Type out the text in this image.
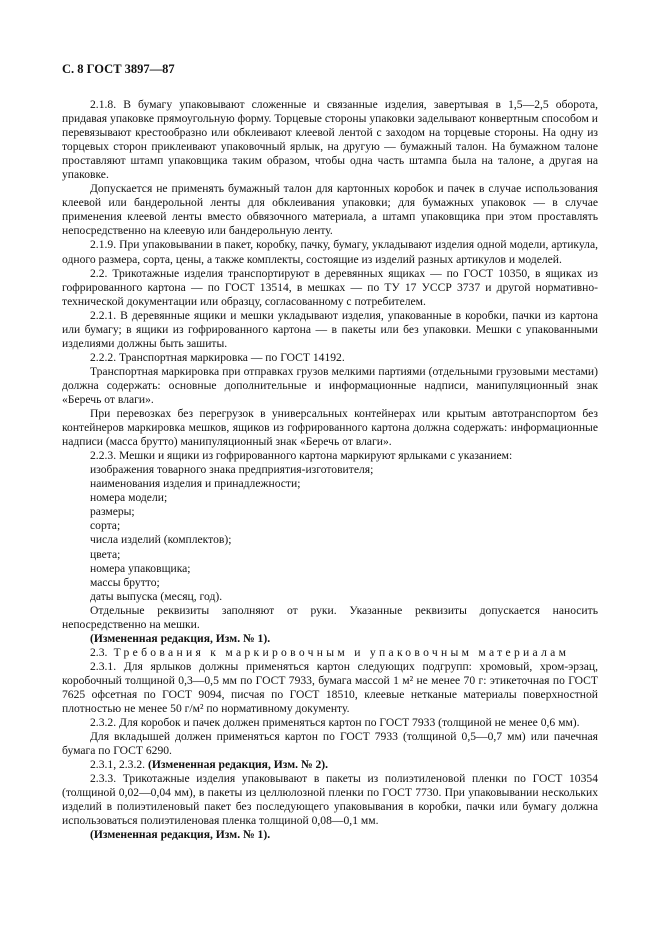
С. 8 ГОСТ 3897—87

2.1.8. В бумагу упаковывают сложенные и связанные изделия, завертывая в 1,5—2,5 оборота, придавая упаковке прямоугольную форму. Торцевые стороны упаковки заделывают конвертным способом и перевязывают крестообразно или обклеивают клеевой лентой с заходом на торцевые стороны. На одну из торцевых сторон приклеивают упаковочный ярлык, на другую — бумажный талон. На бумажном талоне проставляют штамп упаковщика таким образом, чтобы одна часть штампа была на талоне, а другая на упаковке.

Допускается не применять бумажный талон для картонных коробок и пачек в случае использования клеевой или бандерольной ленты для обклеивания упаковки; для бумажных упаковок — в случае применения клеевой ленты вместо обвязочного материала, а штамп упаковщика при этом проставлять непосредственно на клеевую или бандерольную ленту.

2.1.9. При упаковывании в пакет, коробку, пачку, бумагу, укладывают изделия одной модели, артикула, одного размера, сорта, цены, а также комплекты, состоящие из изделий разных артикулов и моделей.

2.2. Трикотажные изделия транспортируют в деревянных ящиках — по ГОСТ 10350, в ящиках из гофрированного картона — по ГОСТ 13514, в мешках — по ТУ 17 УССР 3737 и другой нормативно-технической документации или образцу, согласованному с потребителем.

2.2.1. В деревянные ящики и мешки укладывают изделия, упакованные в коробки, пачки из картона или бумагу; в ящики из гофрированного картона — в пакеты или без упаковки. Мешки с упакованными изделиями должны быть зашиты.

2.2.2. Транспортная маркировка — по ГОСТ 14192.

Транспортная маркировка при отправках грузов мелкими партиями (отдельными грузовыми местами) должна содержать: основные дополнительные и информационные надписи, манипуляционный знак «Беречь от влаги».

При перевозках без перегрузок в универсальных контейнерах или крытым автотранспортом без контейнеров маркировка мешков, ящиков из гофрированного картона должна содержать: информационные надписи (масса брутто) манипуляционный знак «Беречь от влаги».

2.2.3. Мешки и ящики из гофрированного картона маркируют ярлыками с указанием:

изображения товарного знака предприятия-изготовителя;

наименования изделия и принадлежности;

номера модели;

размеры;

сорта;

числа изделий (комплектов);

цвета;

номера упаковщика;

массы брутто;

даты выпуска (месяц, год).

Отдельные реквизиты заполняют от руки. Указанные реквизиты допускается наносить непосредственно на мешки.

(Измененная редакция, Изм. № 1).

2.3. Требования к маркировочным и упаковочным материалам

2.3.1. Для ярлыков должны применяться картон следующих подгрупп: хромовый, хром-эрзац, коробочный толщиной 0,3—0,5 мм по ГОСТ 7933, бумага массой 1 м² не менее 70 г: этикеточная по ГОСТ 7625 офсетная по ГОСТ 9094, писчая по ГОСТ 18510, клеевые нетканые материалы поверхностной плотностью не менее 50 г/м² по нормативному документу.

2.3.2. Для коробок и пачек должен применяться картон по ГОСТ 7933 (толщиной не менее 0,6 мм).

Для вкладышей должен применяться картон по ГОСТ 7933 (толщиной 0,5—0,7 мм) или пачечная бумага по ГОСТ 6290.

2.3.1, 2.3.2. (Измененная редакция, Изм. № 2).

2.3.3. Трикотажные изделия упаковывают в пакеты из полиэтиленовой пленки по ГОСТ 10354 (толщиной 0,02—0,04 мм), в пакеты из целлюлозной пленки по ГОСТ 7730. При упаковывании нескольких изделий в полиэтиленовый пакет без последующего упаковывания в коробки, пачки или бумагу должна использоваться полиэтиленовая пленка толщиной 0,08—0,1 мм.

(Измененная редакция, Изм. № 1).
